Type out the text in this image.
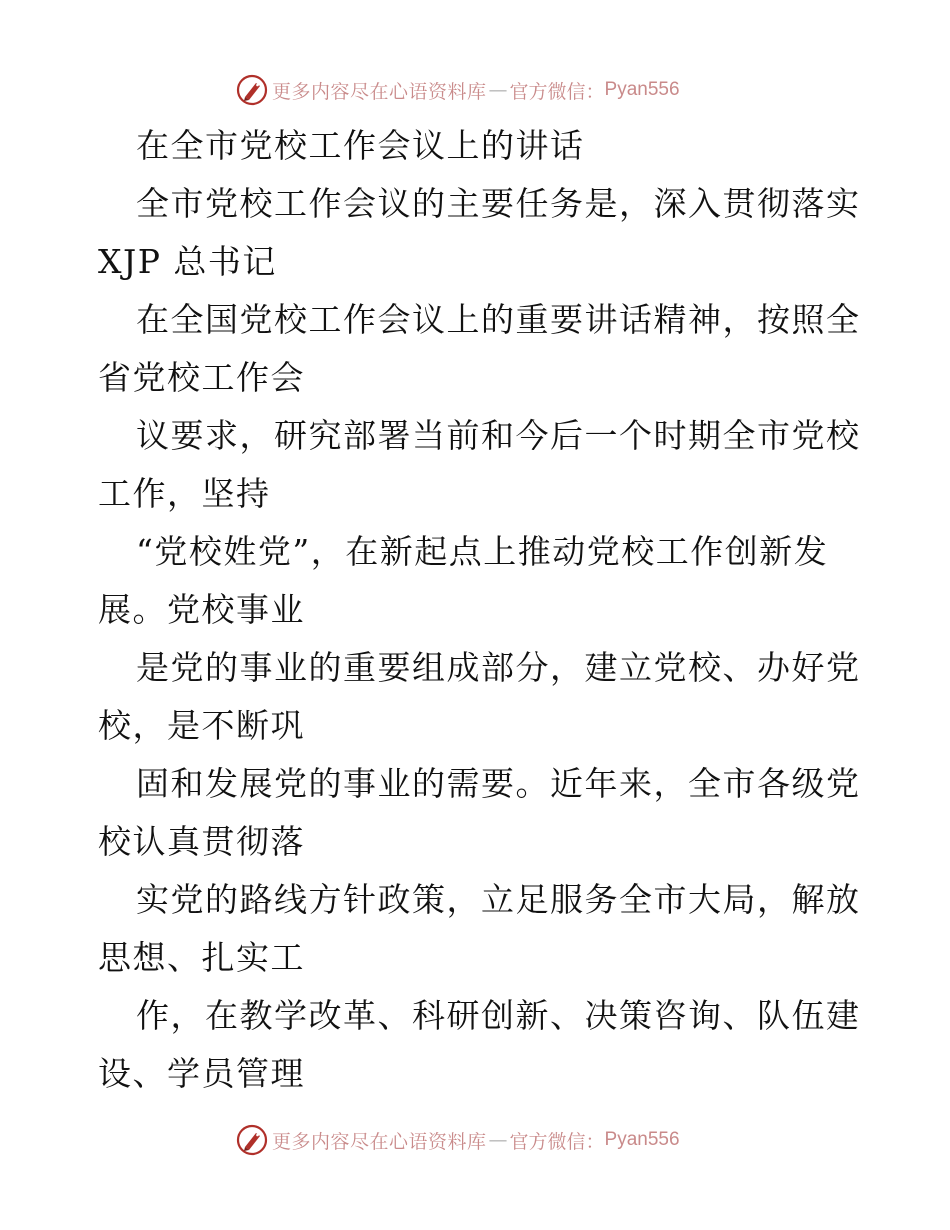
更多内容尽在心语资料库 — 官方微信： Pyan556
在全市党校工作会议上的讲话
全市党校工作会议的主要任务是，深入贯彻落实
XJP 总书记
在全国党校工作会议上的重要讲话精神，按照全
省党校工作会
议要求，研究部署当前和今后一个时期全市党校
工作，坚持
“党校姓党”，在新起点上推动党校工作创新发
展。党校事业
是党的事业的重要组成部分，建立党校、办好党
校，是不断巩
固和发展党的事业的需要。近年来，全市各级党
校认真贯彻落
实党的路线方针政策，立足服务全市大局，解放
思想、扎实工
作，在教学改革、科研创新、决策咨询、队伍建
设、学员管理
更多内容尽在心语资料库 — 官方微信： Pyan556
